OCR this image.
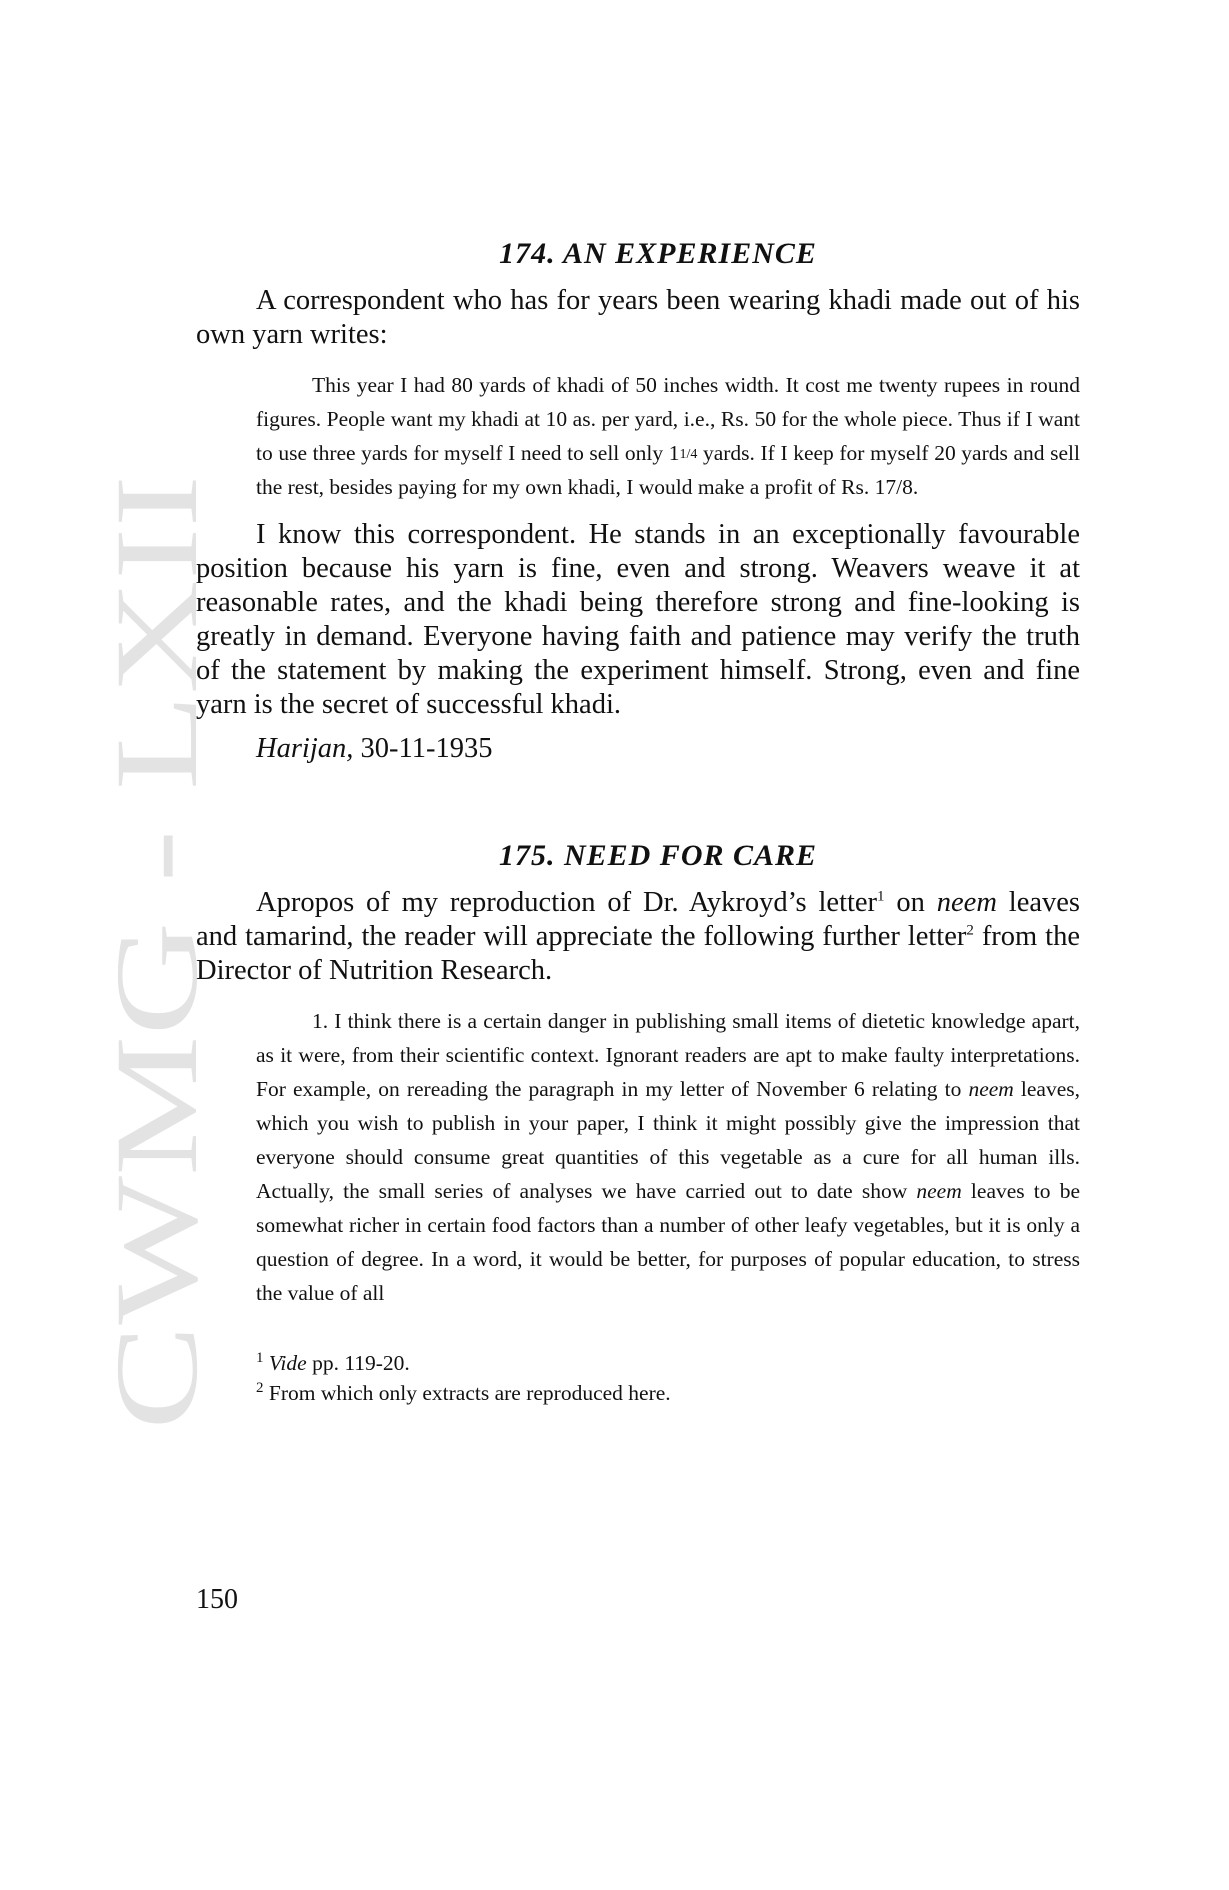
CWMG - LXII
174. AN EXPERIENCE

A correspondent who has for years been wearing khadi made out of his own yarn writes:

This year I had 80 yards of khadi of 50 inches width. It cost me twenty rupees in round figures. People want my khadi at 10 as. per yard, i.e., Rs. 50 for the whole piece. Thus if I want to use three yards for myself I need to sell only 11/4 yards. If I keep for myself 20 yards and sell the rest, besides paying for my own khadi, I would make a profit of Rs. 17/8.

I know this correspondent. He stands in an exceptionally favourable position because his yarn is fine, even and strong. Weavers weave it at reasonable rates, and the khadi being therefore strong and fine-looking is greatly in demand. Everyone having faith and patience may verify the truth of the statement by making the experiment himself. Strong, even and fine yarn is the secret of successful khadi.

Harijan, 30-11-1935

175. NEED FOR CARE

Apropos of my reproduction of Dr. Aykroyd’s letter$^1$ on neem leaves and tamarind, the reader will appreciate the following further letter$^2$ from the Director of Nutrition Research.

1. I think there is a certain danger in publishing small items of dietetic knowledge apart, as it were, from their scientific context. Ignorant readers are apt to make faulty interpretations. For example, on rereading the paragraph in my letter of November 6 relating to neem leaves, which you wish to publish in your paper, I think it might possibly give the impression that everyone should consume great quantities of this vegetable as a cure for all human ills. Actually, the small series of analyses we have carried out to date show neem leaves to be somewhat richer in certain food factors than a number of other leafy vegetables, but it is only a question of degree. In a word, it would be better, for purposes of popular education, to stress the value of all

$^1$ Vide pp. 119-20.
$^2$ From which only extracts are reproduced here.
150
